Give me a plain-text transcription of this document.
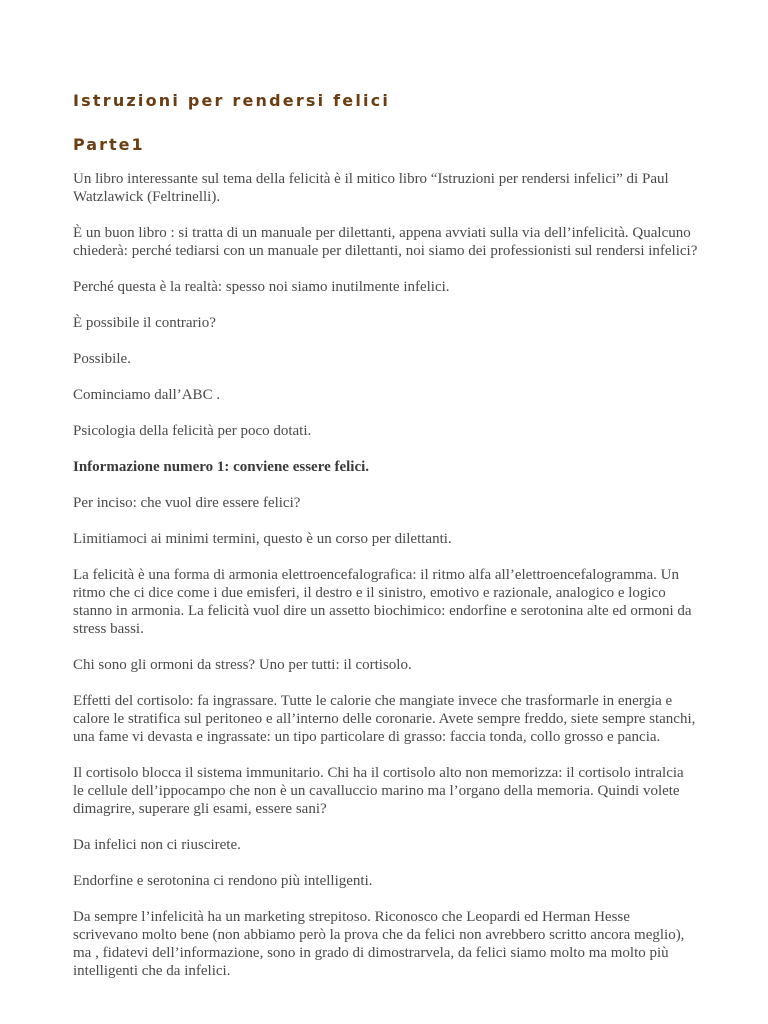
Istruzioni per rendersi felici
Parte1

Un libro interessante sul tema della felicità è il mitico libro “Istruzioni per rendersi infelici” di Paul Watzlawick (Feltrinelli).

È un buon libro : si tratta di un manuale per dilettanti, appena avviati sulla via dell’infelicità. Qualcuno chiederà: perché tediarsi con un manuale per dilettanti, noi siamo dei professionisti sul rendersi infelici?

Perché questa è la realtà: spesso noi siamo inutilmente infelici.

È possibile il contrario?

Possibile.

Cominciamo dall’ABC .

Psicologia della felicità per poco dotati.

Informazione numero 1: conviene essere felici.

Per inciso: che vuol dire essere felici?

Limitiamoci ai minimi termini, questo è un corso per dilettanti.

La felicità è una forma di armonia elettroencefalografica: il ritmo alfa all’elettroencefalogramma. Un ritmo che ci dice come i due emisferi, il destro e il sinistro, emotivo e razionale, analogico e logico stanno in armonia. La felicità vuol dire un assetto biochimico: endorfine e serotonina alte ed ormoni da stress bassi.

Chi sono gli ormoni da stress? Uno per tutti: il cortisolo.

Effetti del cortisolo: fa ingrassare. Tutte le calorie che mangiate invece che trasformarle in energia e calore le stratifica sul peritoneo e all’interno delle coronarie. Avete sempre freddo, siete sempre stanchi, una fame vi devasta e ingrassate: un tipo particolare di grasso: faccia tonda, collo grosso e pancia.

Il cortisolo blocca il sistema immunitario. Chi ha il cortisolo alto non memorizza: il cortisolo intralcia le cellule dell’ippocampo che non è un cavalluccio marino ma l’organo della memoria. Quindi volete dimagrire, superare gli esami, essere sani?

Da infelici non ci riuscirete.

Endorfine e serotonina ci rendono più intelligenti.

Da sempre l’infelicità ha un marketing strepitoso. Riconosco che Leopardi ed Herman Hesse scrivevano molto bene (non abbiamo però la prova che da felici non avrebbero scritto ancora meglio), ma , fidatevi dell’informazione, sono in grado di dimostrarvela, da felici siamo molto ma molto più intelligenti che da infelici.
